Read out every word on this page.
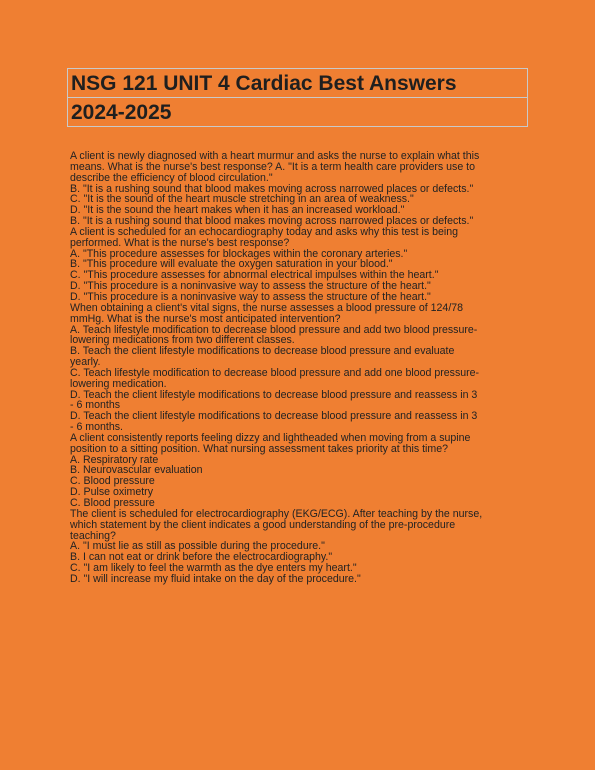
NSG 121 UNIT 4 Cardiac Best Answers
2024-2025
A client is newly diagnosed with a heart murmur and asks the nurse to explain what this
means. What is the nurse's best response? A. "It is a term health care providers use to
describe the efficiency of blood circulation."
B. "It is a rushing sound that blood makes moving across narrowed places or defects."
C. "It is the sound of the heart muscle stretching in an area of weakness."
D. "It is the sound the heart makes when it has an increased workload."
B. "It is a rushing sound that blood makes moving across narrowed places or defects."
A client is scheduled for an echocardiography today and asks why this test is being
performed. What is the nurse's best response?
A. "This procedure assesses for blockages within the coronary arteries."
B. "This procedure will evaluate the oxygen saturation in your blood."
C. "This procedure assesses for abnormal electrical impulses within the heart."
D. "This procedure is a noninvasive way to assess the structure of the heart."
D. "This procedure is a noninvasive way to assess the structure of the heart."
When obtaining a client's vital signs, the nurse assesses a blood pressure of 124/78
mmHg. What is the nurse's most anticipated intervention?
A. Teach lifestyle modification to decrease blood pressure and add two blood pressure-
lowering medications from two different classes.
B. Teach the client lifestyle modifications to decrease blood pressure and evaluate
yearly.
C. Teach lifestyle modification to decrease blood pressure and add one blood pressure-
lowering medication.
D. Teach the client lifestyle modifications to decrease blood pressure and reassess in 3
- 6 months
D. Teach the client lifestyle modifications to decrease blood pressure and reassess in 3
- 6 months.
A client consistently reports feeling dizzy and lightheaded when moving from a supine
position to a sitting position. What nursing assessment takes priority at this time?
A. Respiratory rate
B. Neurovascular evaluation
C. Blood pressure
D. Pulse oximetry
C. Blood pressure
The client is scheduled for electrocardiography (EKG/ECG). After teaching by the nurse,
which statement by the client indicates a good understanding of the pre-procedure
teaching?
A. "I must lie as still as possible during the procedure."
B. I can not eat or drink before the electrocardiography."
C. "I am likely to feel the warmth as the dye enters my heart."
D. "I will increase my fluid intake on the day of the procedure."
